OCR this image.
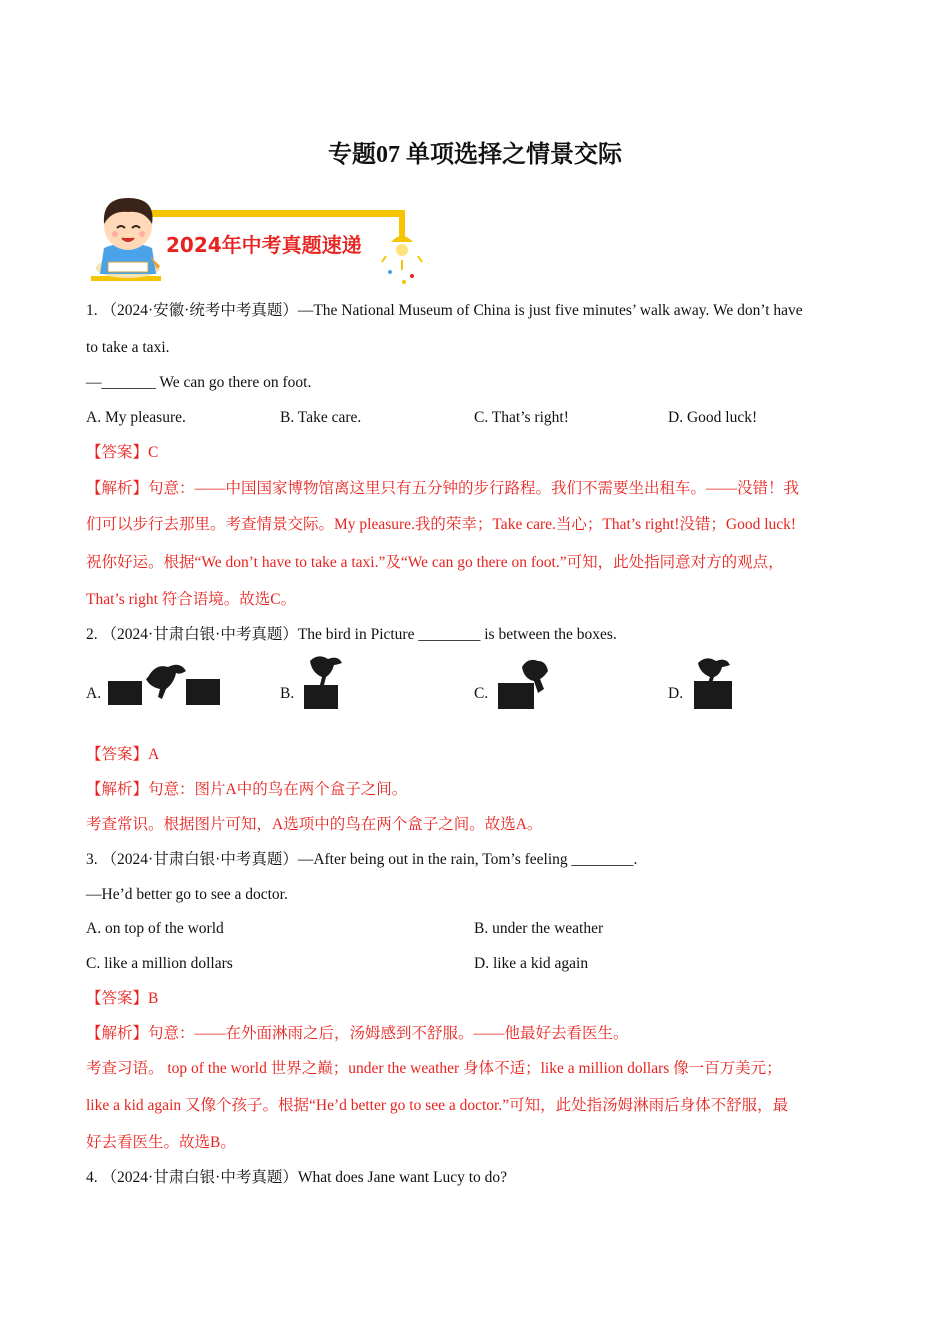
专题07 单项选择之情景交际
2024年中考真题速递
1. （2024·安徽·统考中考真题）—The National Museum of China is just five minutes’ walk away. We don’t have
to take a taxi.
—_______ We can go there on foot.
A. My pleasure.	B. Take care.	C. That’s right!	D. Good luck!
【答案】C
【解析】句意：——中国国家博物馆离这里只有五分钟的步行路程。我们不需要坐出租车。——没错！我
们可以步行去那里。考查情景交际。My pleasure.我的荣幸；Take care.当心；That’s right!没错；Good luck!
祝你好运。根据“We don’t have to take a taxi.”及“We can go there on foot.”可知，此处指同意对方的观点，
That’s right 符合语境。故选C。
2. （2024·甘肃白银·中考真题）The bird in Picture ________ is between the boxes.
A.	B.	C.	D.
【答案】A
【解析】句意：图片A中的鸟在两个盒子之间。
考查常识。根据图片可知，A选项中的鸟在两个盒子之间。故选A。
3. （2024·甘肃白银·中考真题）—After being out in the rain, Tom’s feeling ________.
—He’d better go to see a doctor.
A. on top of the world	B. under the weather
C. like a million dollars	D. like a kid again
【答案】B
【解析】句意：——在外面淋雨之后，汤姆感到不舒服。——他最好去看医生。
考查习语。 top of the world 世界之巅；under the weather 身体不适；like a million dollars 像一百万美元；
like a kid again 又像个孩子。根据“He’d better go to see a doctor.”可知，此处指汤姆淋雨后身体不舒服，最
好去看医生。故选B。
4. （2024·甘肃白银·中考真题）What does Jane want Lucy to do?
